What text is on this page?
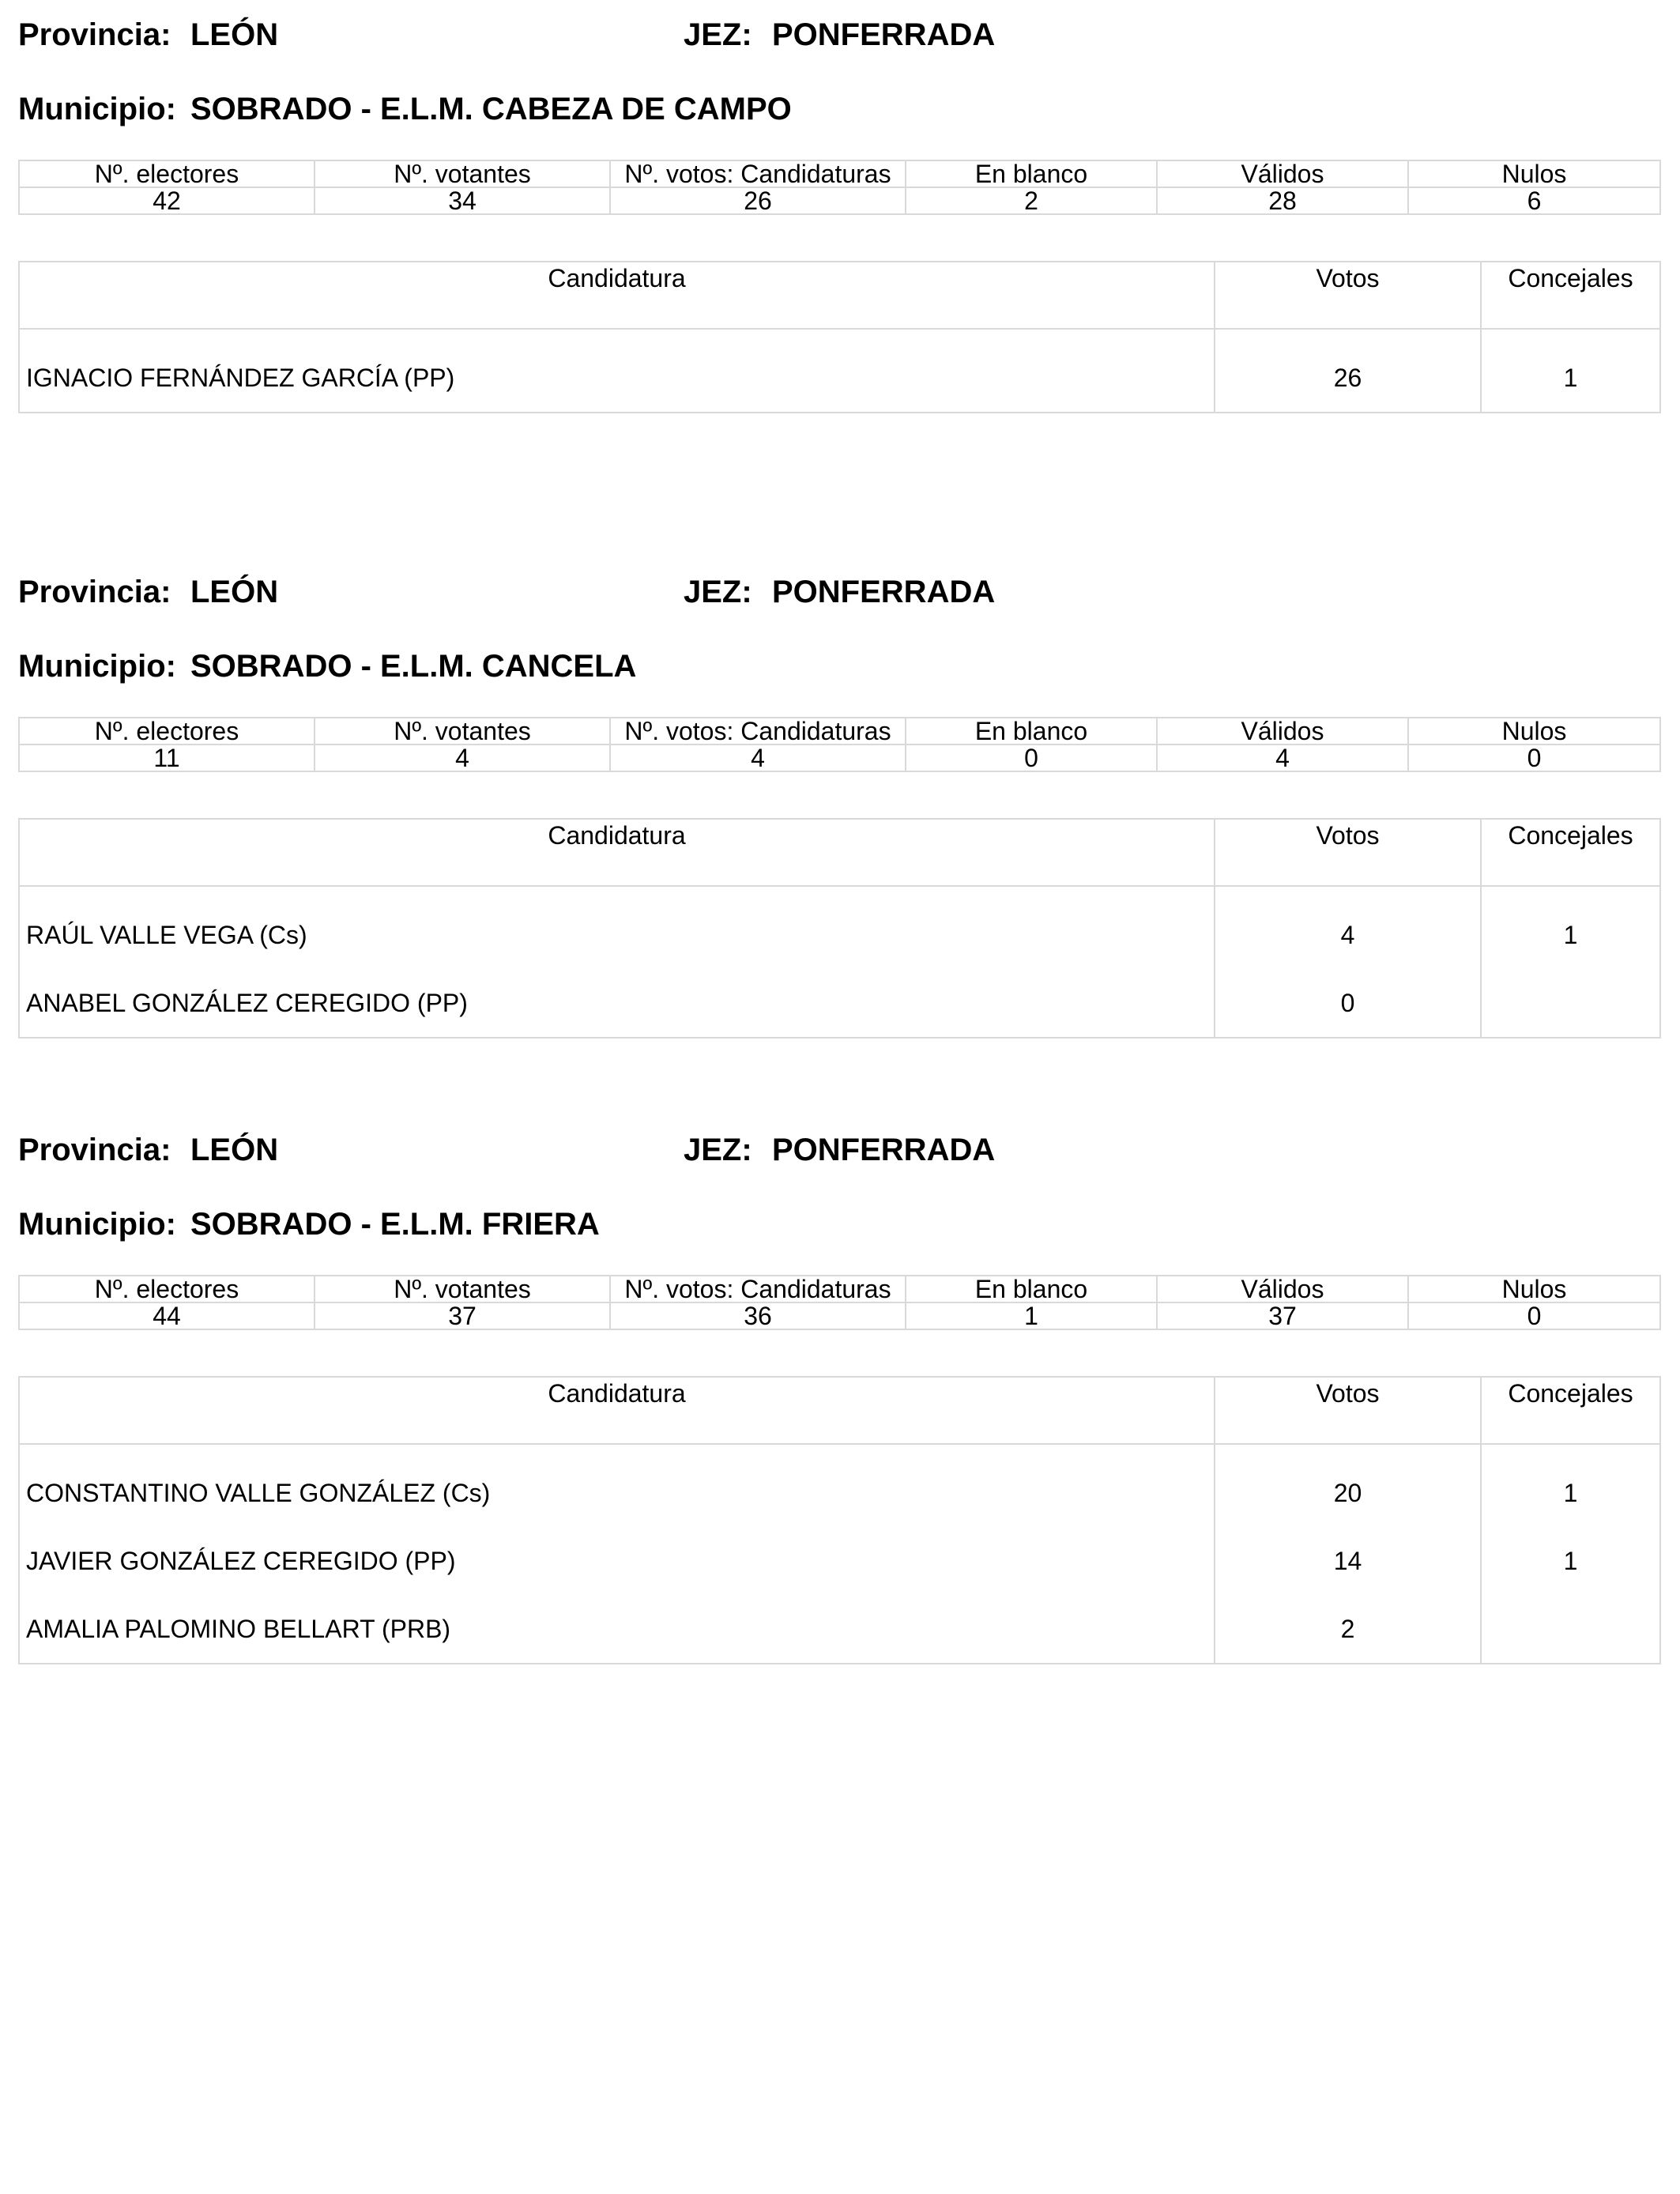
Provincia: LEÓN	JEZ: PONFERRADA
Municipio: SOBRADO - E.L.M. CABEZA DE CAMPO
Nº. electores	Nº. votantes	Nº. votos: Candidaturas	En blanco	Válidos	Nulos
42	34	26	2	28	6
Candidatura	Votos	Concejales
IGNACIO FERNÁNDEZ GARCÍA (PP)	26	1
Provincia: LEÓN	JEZ: PONFERRADA
Municipio: SOBRADO - E.L.M. CANCELA
Nº. electores	Nº. votantes	Nº. votos: Candidaturas	En blanco	Válidos	Nulos
11	4	4	0	4	0
Candidatura	Votos	Concejales
RAÚL VALLE VEGA (Cs)	4	1
ANABEL GONZÁLEZ CEREGIDO (PP)	0	
Provincia: LEÓN	JEZ: PONFERRADA
Municipio: SOBRADO - E.L.M. FRIERA
Nº. electores	Nº. votantes	Nº. votos: Candidaturas	En blanco	Válidos	Nulos
44	37	36	1	37	0
Candidatura	Votos	Concejales
CONSTANTINO VALLE GONZÁLEZ (Cs)	20	1
JAVIER GONZÁLEZ CEREGIDO (PP)	14	1
AMALIA PALOMINO BELLART (PRB)	2	
